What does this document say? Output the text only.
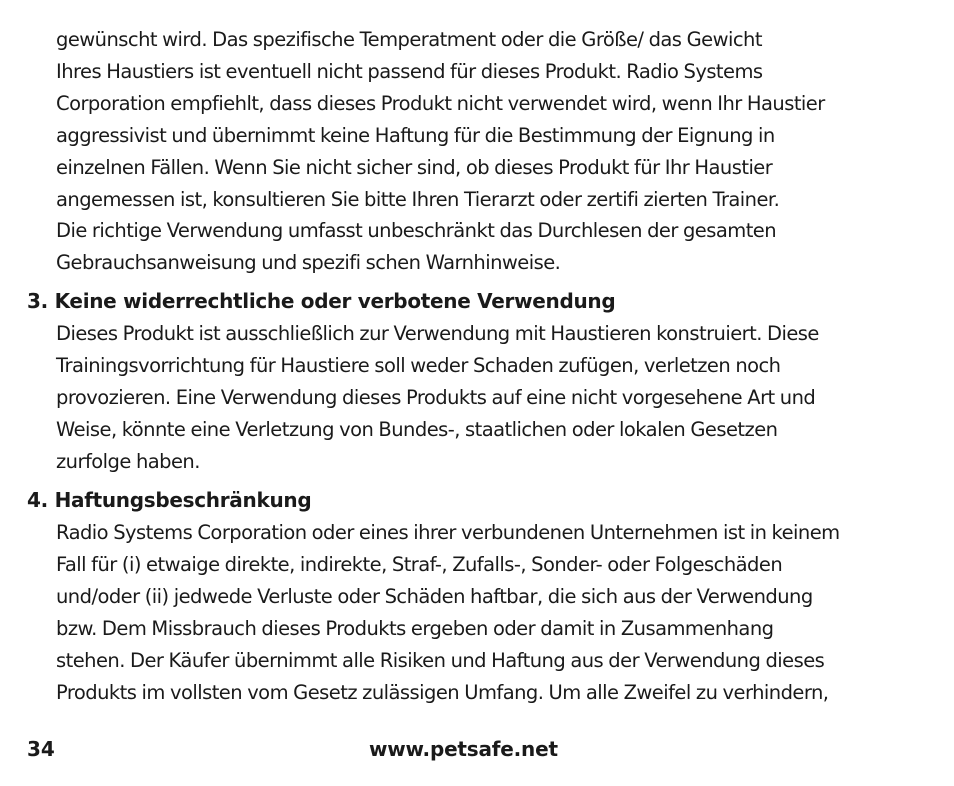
gewünscht wird. Das spezifische Temperatment oder die Größe/ das Gewicht
Ihres Haustiers ist eventuell nicht passend für dieses Produkt. Radio Systems
Corporation empfiehlt, dass dieses Produkt nicht verwendet wird, wenn Ihr Haustier
aggressivist und übernimmt keine Haftung für die Bestimmung der Eignung in
einzelnen Fällen. Wenn Sie nicht sicher sind, ob dieses Produkt für Ihr Haustier
angemessen ist, konsultieren Sie bitte Ihren Tierarzt oder zertifi zierten Trainer.
Die richtige Verwendung umfasst unbeschränkt das Durchlesen der gesamten
Gebrauchsanweisung und spezifi schen Warnhinweise.
3. Keine widerrechtliche oder verbotene Verwendung
Dieses Produkt ist ausschließlich zur Verwendung mit Haustieren konstruiert. Diese
Trainingsvorrichtung für Haustiere soll weder Schaden zufügen, verletzen noch
provozieren. Eine Verwendung dieses Produkts auf eine nicht vorgesehene Art und
Weise, könnte eine Verletzung von Bundes-, staatlichen oder lokalen Gesetzen
zurfolge haben.
4. Haftungsbeschränkung
Radio Systems Corporation oder eines ihrer verbundenen Unternehmen ist in keinem
Fall für (i) etwaige direkte, indirekte, Straf-, Zufalls-, Sonder- oder Folgeschäden
und/oder (ii) jedwede Verluste oder Schäden haftbar, die sich aus der Verwendung
bzw. Dem Missbrauch dieses Produkts ergeben oder damit in Zusammenhang
stehen. Der Käufer übernimmt alle Risiken und Haftung aus der Verwendung dieses
Produkts im vollsten vom Gesetz zulässigen Umfang. Um alle Zweifel zu verhindern,
34	www.petsafe.net
